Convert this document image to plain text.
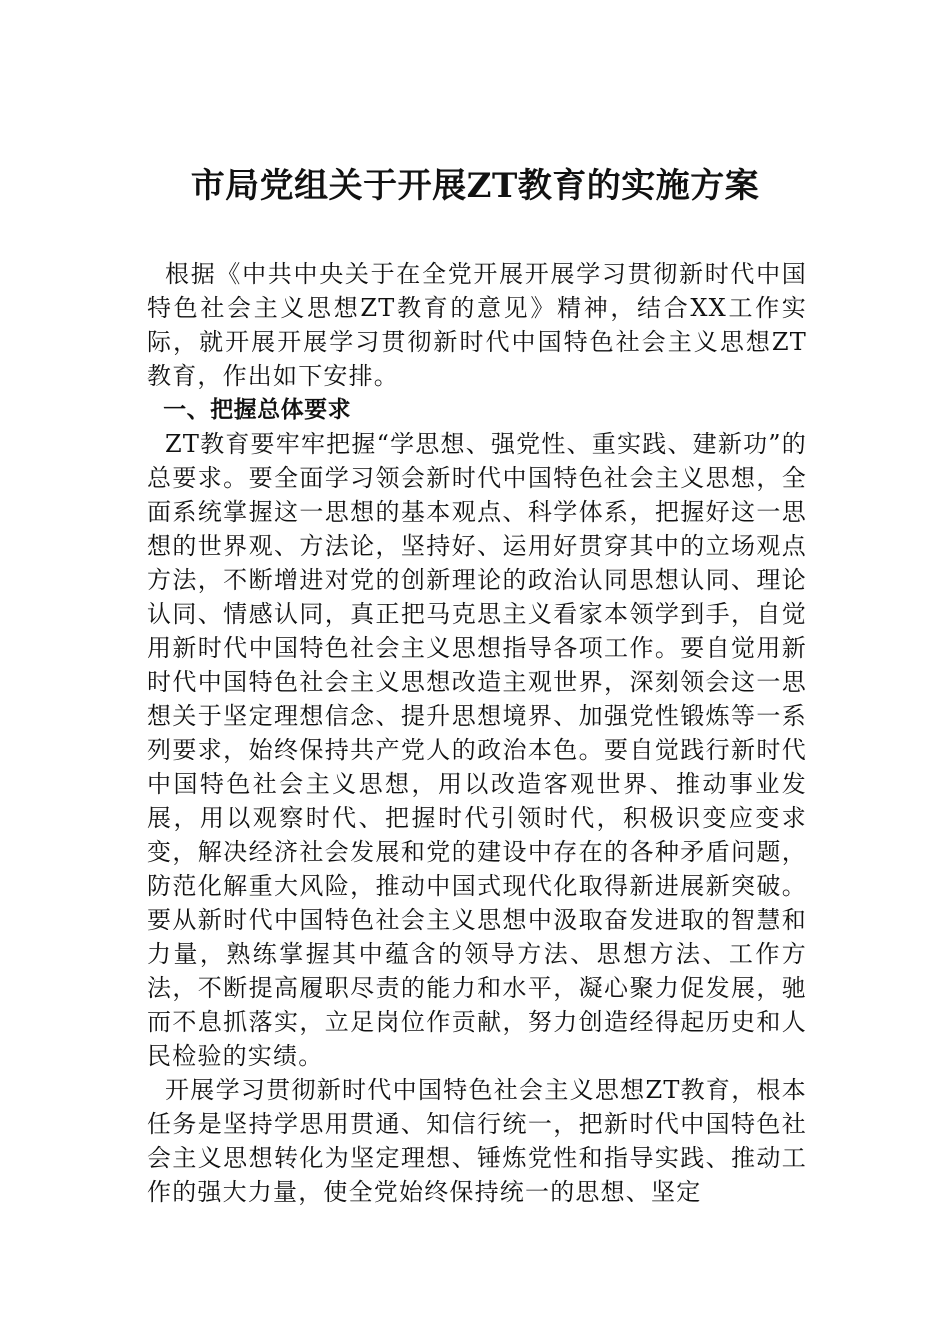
市局党组关于开展ZT教育的实施方案

根据《中共中央关于在全党开展开展学习贯彻新时代中国特色社会主义思想ZT教育的意见》精神，结合XX工作实际，就开展开展学习贯彻新时代中国特色社会主义思想ZT教育，作出如下安排。

一、把握总体要求

ZT教育要牢牢把握“学思想、强党性、重实践、建新功”的总要求。要全面学习领会新时代中国特色社会主义思想，全面系统掌握这一思想的基本观点、科学体系，把握好这一思想的世界观、方法论，坚持好、运用好贯穿其中的立场观点方法，不断增进对党的创新理论的政治认同思想认同、理论认同、情感认同，真正把马克思主义看家本领学到手，自觉用新时代中国特色社会主义思想指导各项工作。要自觉用新时代中国特色社会主义思想改造主观世界，深刻领会这一思想关于坚定理想信念、提升思想境界、加强党性锻炼等一系列要求，始终保持共产党人的政治本色。要自觉践行新时代中国特色社会主义思想，用以改造客观世界、推动事业发展，用以观察时代、把握时代引领时代，积极识变应变求变，解决经济社会发展和党的建设中存在的各种矛盾问题，防范化解重大风险，推动中国式现代化取得新进展新突破。要从新时代中国特色社会主义思想中汲取奋发进取的智慧和力量，熟练掌握其中蕴含的领导方法、思想方法、工作方法，不断提高履职尽责的能力和水平，凝心聚力促发展，驰而不息抓落实，立足岗位作贡献，努力创造经得起历史和人民检验的实绩。

开展学习贯彻新时代中国特色社会主义思想ZT教育，根本任务是坚持学思用贯通、知信行统一，把新时代中国特色社会主义思想转化为坚定理想、锤炼党性和指导实践、推动工作的强大力量，使全党始终保持统一的思想、坚定
